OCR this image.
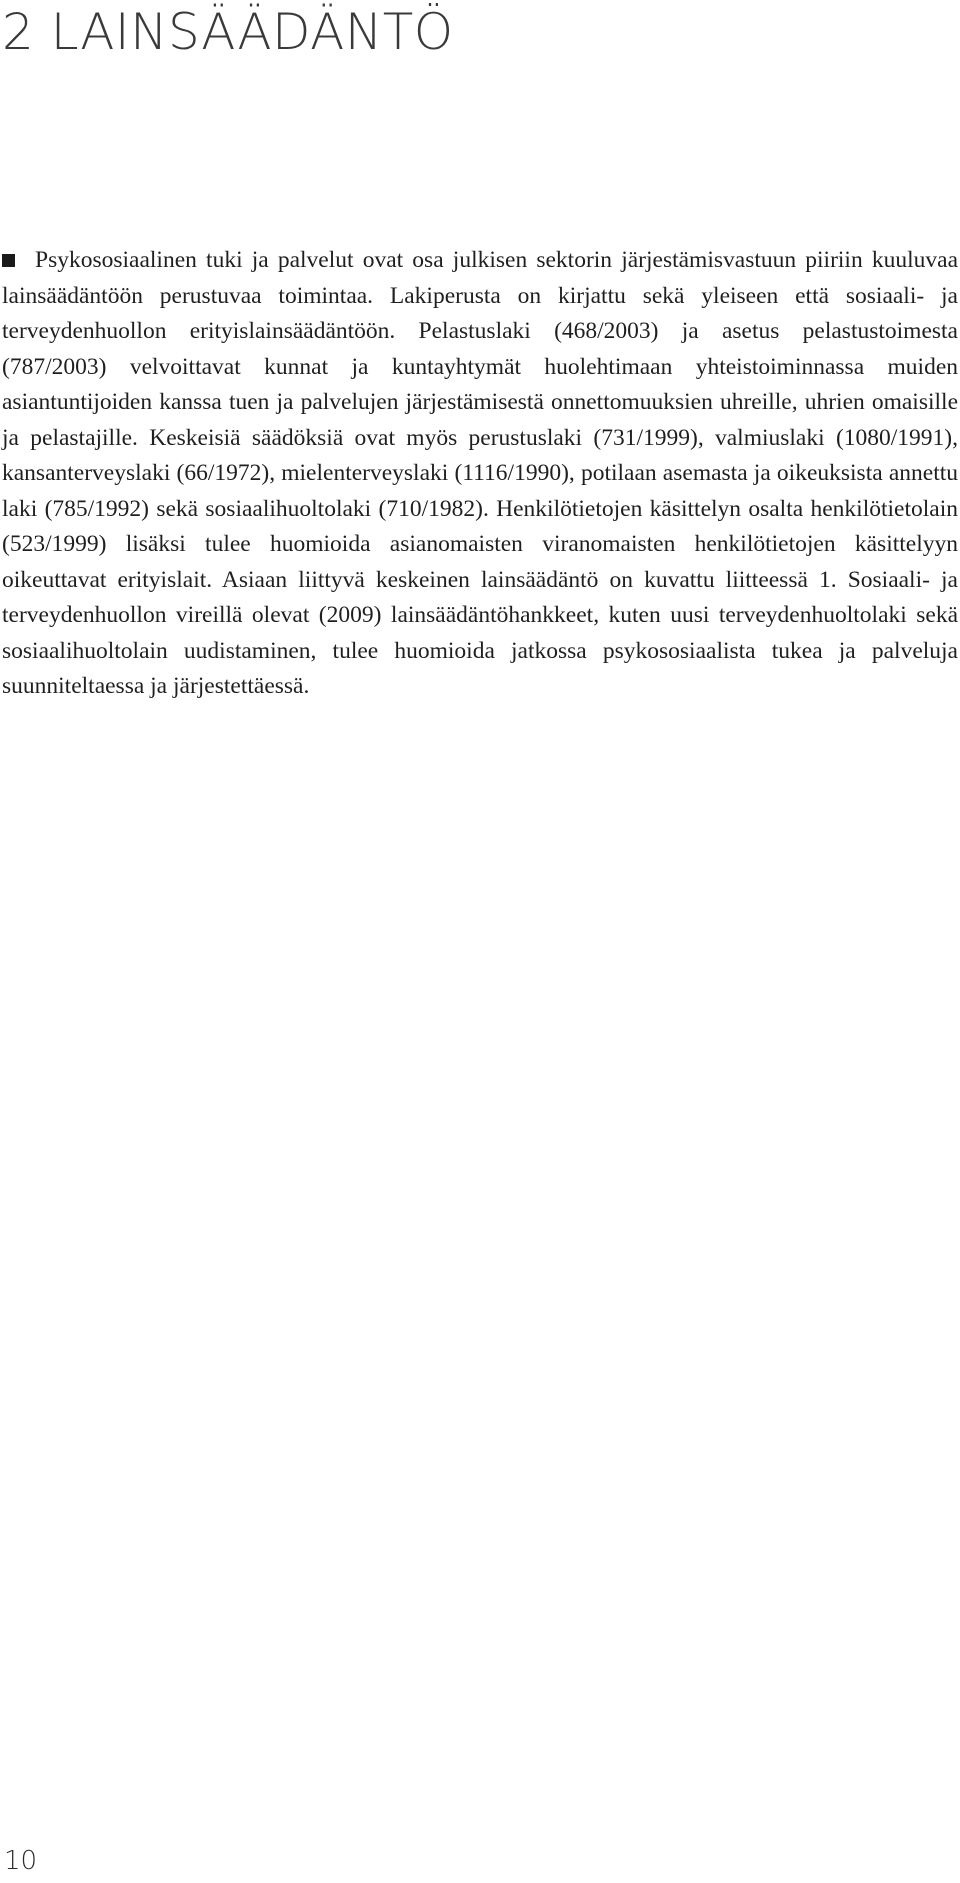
2 LAINSÄÄDÄNTÖ

Psykososiaalinen tuki ja palvelut ovat osa julkisen sektorin järjestämisvastuun piiriin kuuluvaa lainsäädäntöön perustuvaa toimintaa. Lakiperusta on kirjattu sekä yleiseen että sosiaali- ja terveydenhuollon erityislainsäädäntöön. Pelastuslaki (468/2003) ja asetus pelastustoimesta (787/2003) velvoittavat kunnat ja kuntayhtymät huolehtimaan yhteistoiminnassa muiden asiantuntijoiden kanssa tuen ja palvelujen järjestämisestä onnettomuuksien uhreille, uhrien omaisille ja pelastajille. Keskeisiä säädöksiä ovat myös perustuslaki (731/1999), valmiuslaki (1080/1991), kansanterveyslaki (66/1972), mielenterveyslaki (1116/1990), potilaan asemasta ja oikeuksista annettu laki (785/1992) sekä sosiaalihuoltolaki (710/1982). Henkilötietojen käsittelyn osalta henkilötietolain (523/1999) lisäksi tulee huomioida asianomaisten viranomaisten henkilötietojen käsittelyyn oikeuttavat erityislait. Asiaan liittyvä keskeinen lainsäädäntö on kuvattu liitteessä 1. Sosiaali- ja terveydenhuollon vireillä olevat (2009) lainsäädäntöhankkeet, kuten uusi terveydenhuoltolaki sekä sosiaalihuoltolain uudistaminen, tulee huomioida jatkossa psykososiaalista tukea ja palveluja suunniteltaessa ja järjestettäessä.

10
